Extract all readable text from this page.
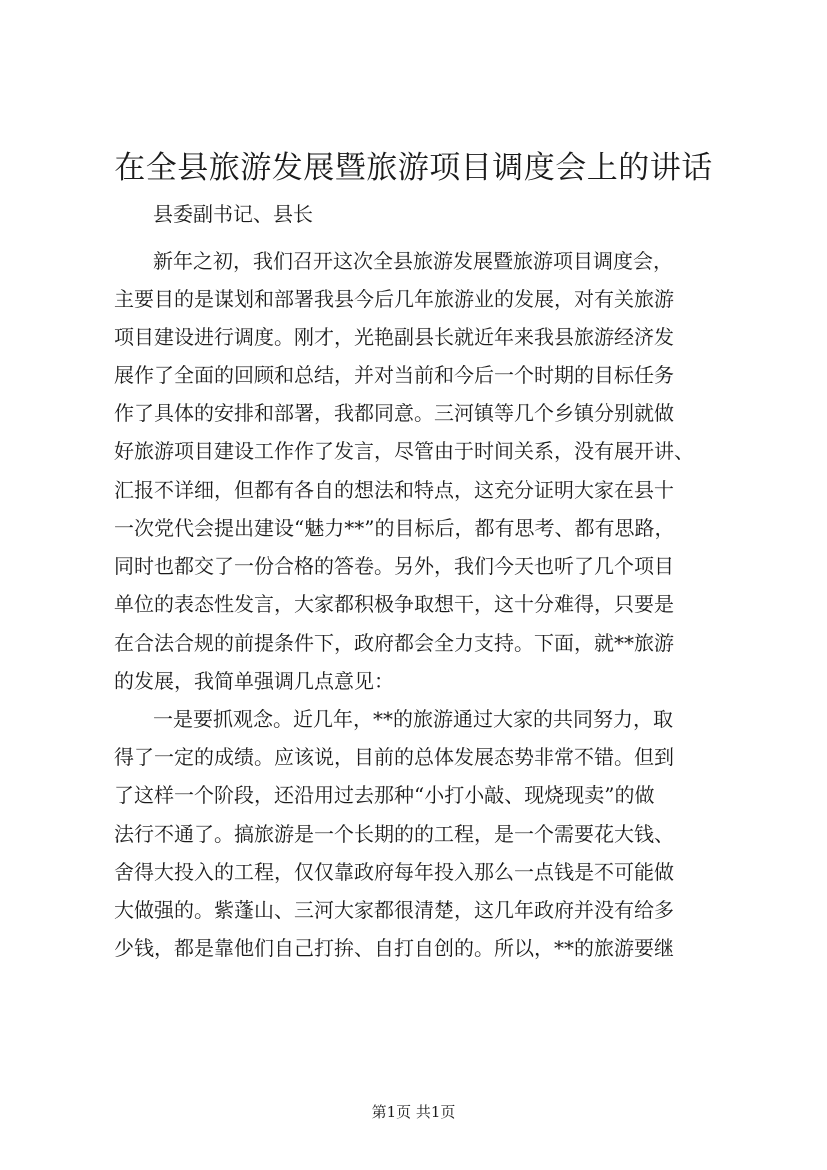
在全县旅游发展暨旅游项目调度会上的讲话

县委副书记、县长

新年之初，我们召开这次全县旅游发展暨旅游项目调度会，

主要目的是谋划和部署我县今后几年旅游业的发展，对有关旅游

项目建设进行调度。刚才，光艳副县长就近年来我县旅游经济发

展作了全面的回顾和总结，并对当前和今后一个时期的目标任务

作了具体的安排和部署，我都同意。三河镇等几个乡镇分别就做

好旅游项目建设工作作了发言，尽管由于时间关系，没有展开讲、

汇报不详细，但都有各自的想法和特点，这充分证明大家在县十

一次党代会提出建设“魅力**”的目标后，都有思考、都有思路，

同时也都交了一份合格的答卷。另外，我们今天也听了几个项目

单位的表态性发言，大家都积极争取想干，这十分难得，只要是

在合法合规的前提条件下，政府都会全力支持。下面，就**旅游

的发展，我简单强调几点意见：

一是要抓观念。近几年，**的旅游通过大家的共同努力，取

得了一定的成绩。应该说，目前的总体发展态势非常不错。但到

了这样一个阶段，还沿用过去那种“小打小敲、现烧现卖”的做

法行不通了。搞旅游是一个长期的的工程，是一个需要花大钱、

舍得大投入的工程，仅仅靠政府每年投入那么一点钱是不可能做

大做强的。紫蓬山、三河大家都很清楚，这几年政府并没有给多

少钱，都是靠他们自己打拚、自打自创的。所以，**的旅游要继

第1页 共1页
